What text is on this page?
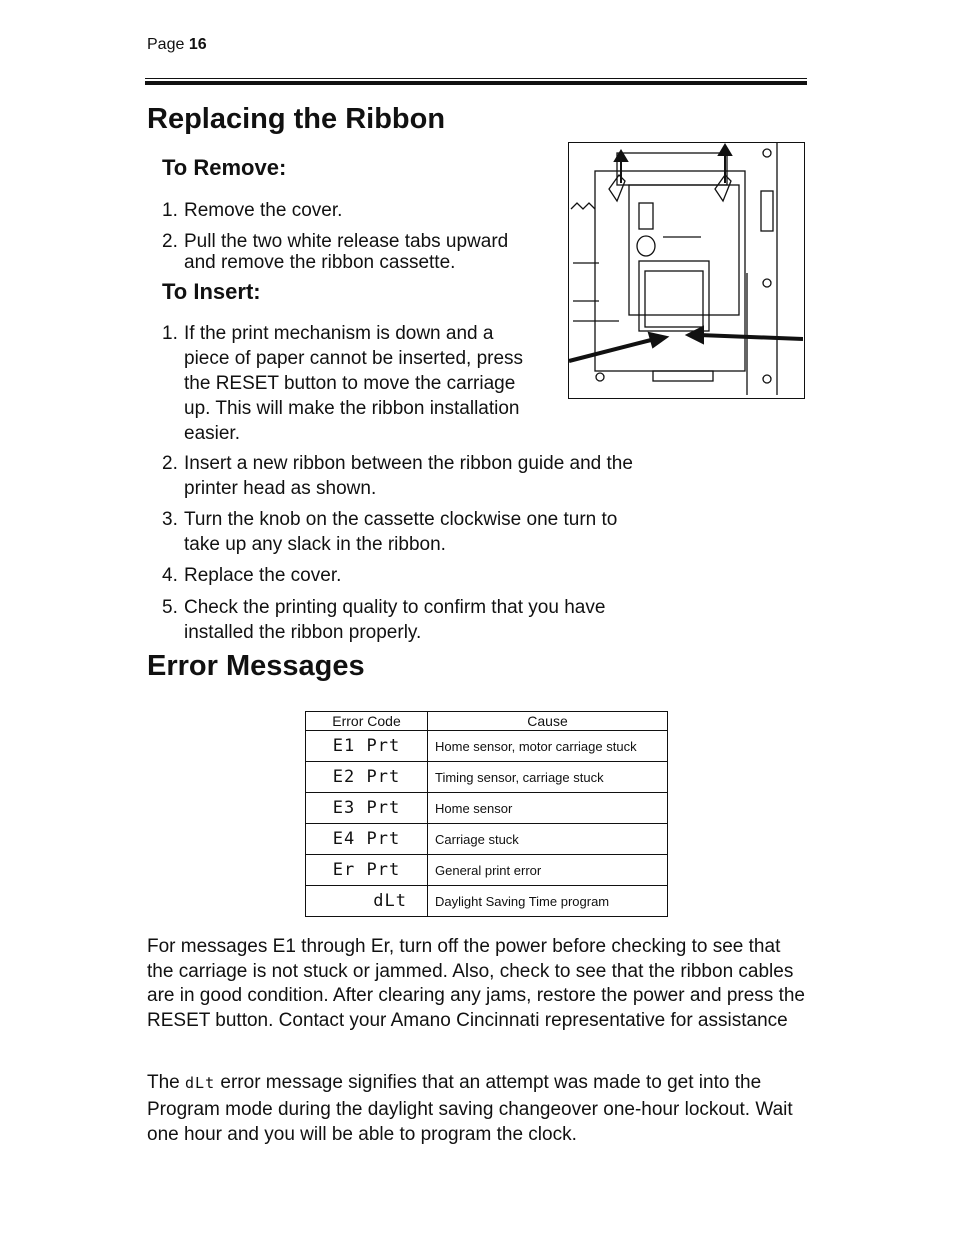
Page 16
Replacing the Ribbon
To Remove:
1. Remove the cover.
2. Pull the two white release tabs upward
and remove the ribbon cassette.
To Insert:
1. If the print mechanism is down and a
piece of paper cannot be inserted, press
the RESET button to move the carriage
up. This will make the ribbon installation
easier.
2. Insert a new ribbon between the ribbon guide and the
printer head as shown.
3. Turn the knob on the cassette clockwise one turn to
take up any slack in the ribbon.
4. Replace the cover.
5. Check the printing quality to confirm that you have
installed the ribbon properly.
Error Messages
Error Code	Cause
E1 Prt	Home sensor, motor carriage stuck
E2 Prt	Timing sensor, carriage stuck
E3 Prt	Home sensor
E4 Prt	Carriage stuck
Er Prt	General print error
dLt	Daylight Saving Time program
For messages E1 through Er, turn off the power before checking to see that the carriage is not stuck or jammed. Also, check to see that the ribbon cables are in good condition. After clearing any jams, restore the power and press the RESET button. Contact your Amano Cincinnati representative for assistance
The dLt error message signifies that an attempt was made to get into the Program mode during the daylight saving changeover one-hour lockout. Wait one hour and you will be able to program the clock.
